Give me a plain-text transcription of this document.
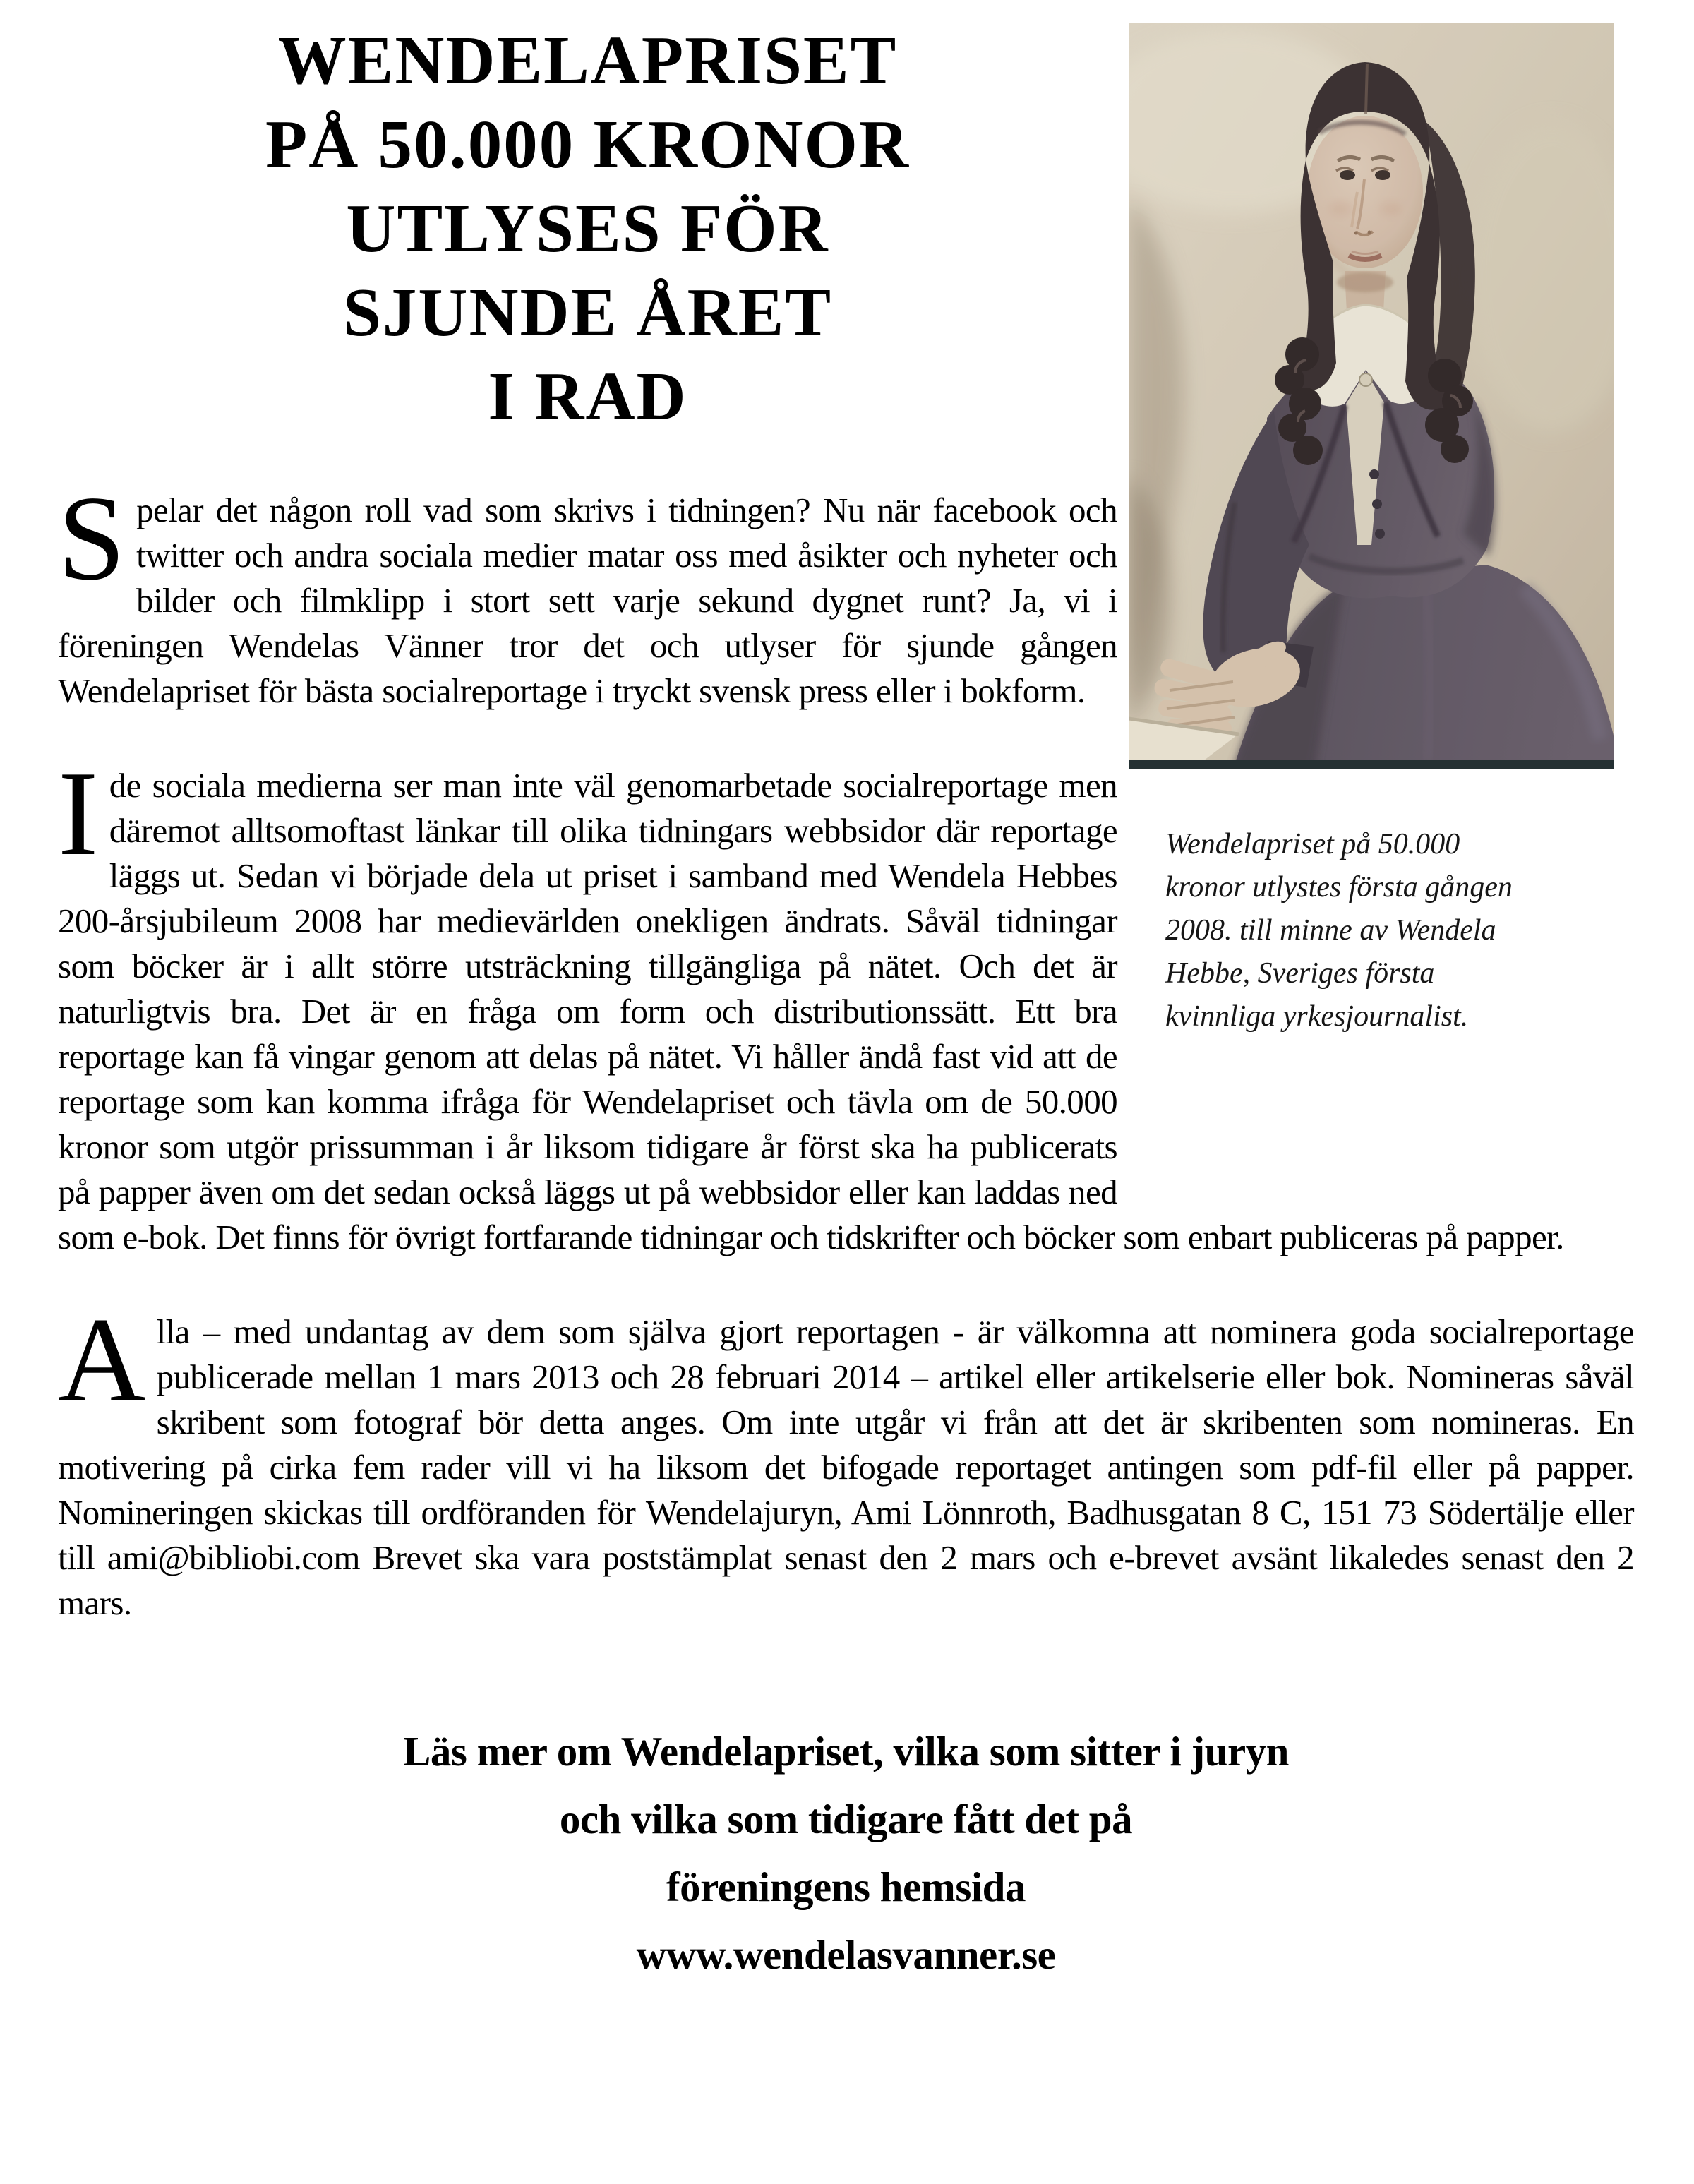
Wendelapriset på 50.000 kronor utlystes första gången 2008. till minne av Wendela Hebbe, Sveriges första kvinnliga yrkesjournalist.
WENDELAPRISET
PÅ 50.000 KRONOR
UTLYSES FÖR
SJUNDE ÅRET
I RAD

Spelar det någon roll vad som skrivs i tidningen? Nu när facebook och twitter och andra sociala medier matar oss med åsikter och nyheter och bilder och filmklipp i stort sett varje sekund dygnet runt? Ja, vi i föreningen Wendelas Vänner tror det och utlyser för sjunde gången Wendelapriset för bästa socialreportage i tryckt svensk press eller i bokform.

Ide sociala medierna ser man inte väl genomarbetade socialreportage men däremot alltsomoftast länkar till olika tidningars webbsidor där reportage läggs ut. Sedan vi började dela ut priset i samband med Wendela Hebbes 200-årsjubileum 2008 har medievärlden onekligen ändrats. Såväl tidningar som böcker är i allt större utsträckning tillgängliga på nätet. Och det är naturligtvis bra. Det är en fråga om form och distributionssätt. Ett bra reportage kan få vingar genom att delas på nätet. Vi håller ändå fast vid att de reportage som kan komma ifråga för Wendelapriset och tävla om de 50.000 kronor som utgör prissumman i år liksom tidigare år först ska ha publicerats på papper även om det sedan också läggs ut på webbsidor eller kan laddas ned som e-bok. Det finns för övrigt fortfarande tidningar och tidskrifter och böcker som enbart publiceras på papper.

Alla – med undantag av dem som själva gjort reportagen - är välkomna att nominera goda socialreportage publicerade mellan 1 mars 2013 och 28 februari 2014 – artikel eller artikelserie eller bok. Nomineras såväl skribent som fotograf bör detta anges. Om inte utgår vi från att det är skribenten som nomineras. En motivering på cirka fem rader vill vi ha liksom det bifogade reportaget antingen som pdf-fil eller på papper. Nomineringen skickas till ordföranden för Wendelajuryn, Ami Lönnroth, Badhusgatan 8 C, 151 73 Södertälje eller till ami@bibliobi.com Brevet ska vara poststämplat senast den 2 mars och e-brevet avsänt likaledes senast den 2 mars.

Läs mer om Wendelapriset, vilka som sitter i juryn
och vilka som tidigare fått det på
föreningens hemsida
www.wendelasvanner.se
